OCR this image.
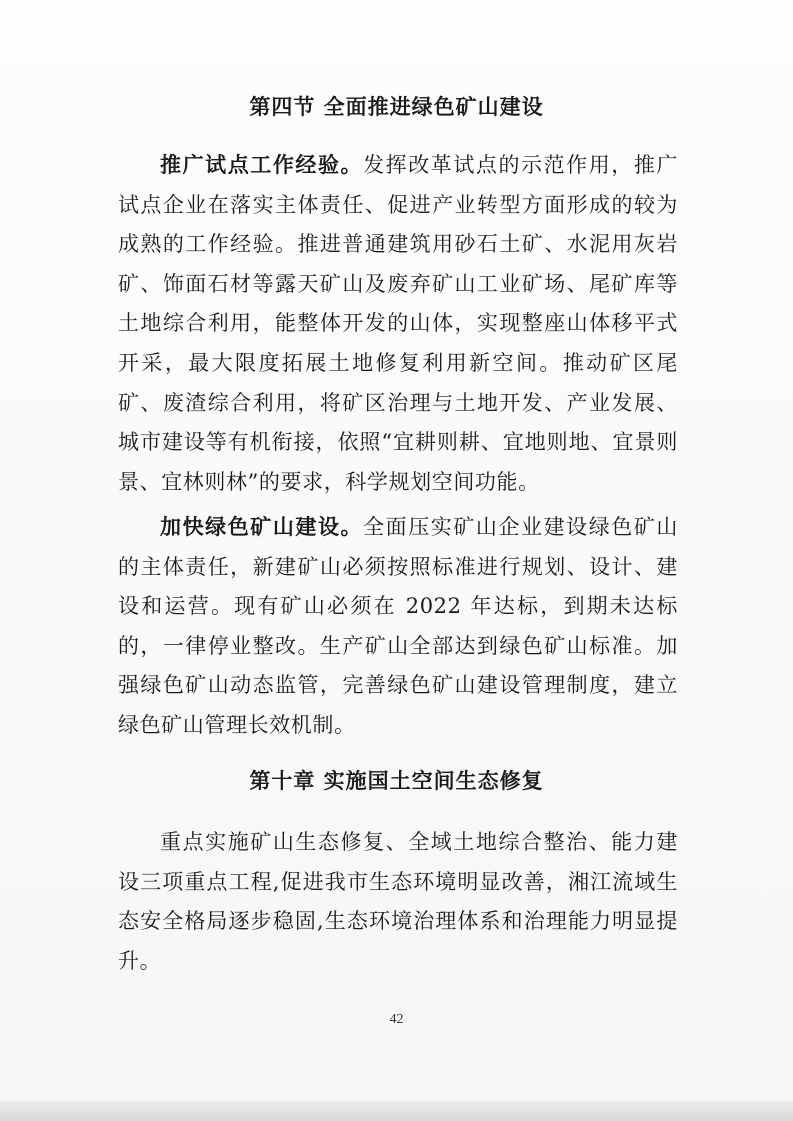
第四节 全面推进绿色矿山建设

推广试点工作经验。发挥改革试点的示范作用，推广试点企业在落实主体责任、促进产业转型方面形成的较为成熟的工作经验。推进普通建筑用砂石土矿、水泥用灰岩矿、饰面石材等露天矿山及废弃矿山工业矿场、尾矿库等土地综合利用，能整体开发的山体，实现整座山体移平式开采，最大限度拓展土地修复利用新空间。推动矿区尾矿、废渣综合利用，将矿区治理与土地开发、产业发展、城市建设等有机衔接，依照“宜耕则耕、宜地则地、宜景则景、宜林则林”的要求，科学规划空间功能。

加快绿色矿山建设。全面压实矿山企业建设绿色矿山的主体责任，新建矿山必须按照标准进行规划、设计、建设和运营。现有矿山必须在 2022 年达标，到期未达标的，一律停业整改。生产矿山全部达到绿色矿山标准。加强绿色矿山动态监管，完善绿色矿山建设管理制度，建立绿色矿山管理长效机制。

第十章 实施国土空间生态修复

重点实施矿山生态修复、全域土地综合整治、能力建设三项重点工程,促进我市生态环境明显改善，湘江流域生态安全格局逐步稳固,生态环境治理体系和治理能力明显提升。

42
